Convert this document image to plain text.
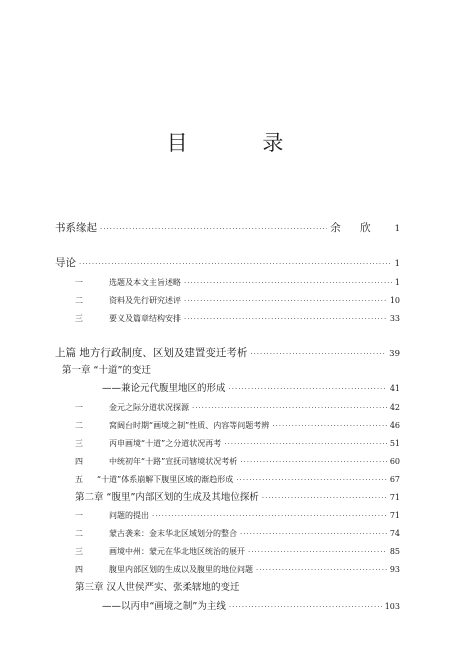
目 录
书系缘起 ·····	余 欣 1
导论 ·····	1
一	选题及本文主旨述略 ·····	1
二	资料及先行研究述评 ·····	10
三	要义及篇章结构安排 ·····	33
上篇 地方行政制度、区划及建置变迁考析 ·····	39
第一章 “十道”的变迁
——兼论元代腹里地区的形成 ·····	41
一	金元之际分道状况探源 ·····	42
二	窝阔台时期“画境之制”性质、内容等问题考辨 ·····	46
三	丙申画境“十道”之分道状况再考 ·····	51
四	中统初年“十路”宣抚司辖境状况考析 ·····	60
五	“十道”体系崩解下腹里区域的渐趋形成 ·····	67
第二章 “腹里”内部区划的生成及其地位探析 ·····	71
一	问题的提出 ·····	71
二	蒙古袭来：金末华北区域划分的整合 ·····	74
三	画境中州：蒙元在华北地区统治的展开 ·····	85
四	腹里内部区划的生成以及腹里的地位问题 ·····	93
第三章 汉人世侯严实、张柔辖地的变迁
——以丙申“画境之制”为主线 ·····	103
